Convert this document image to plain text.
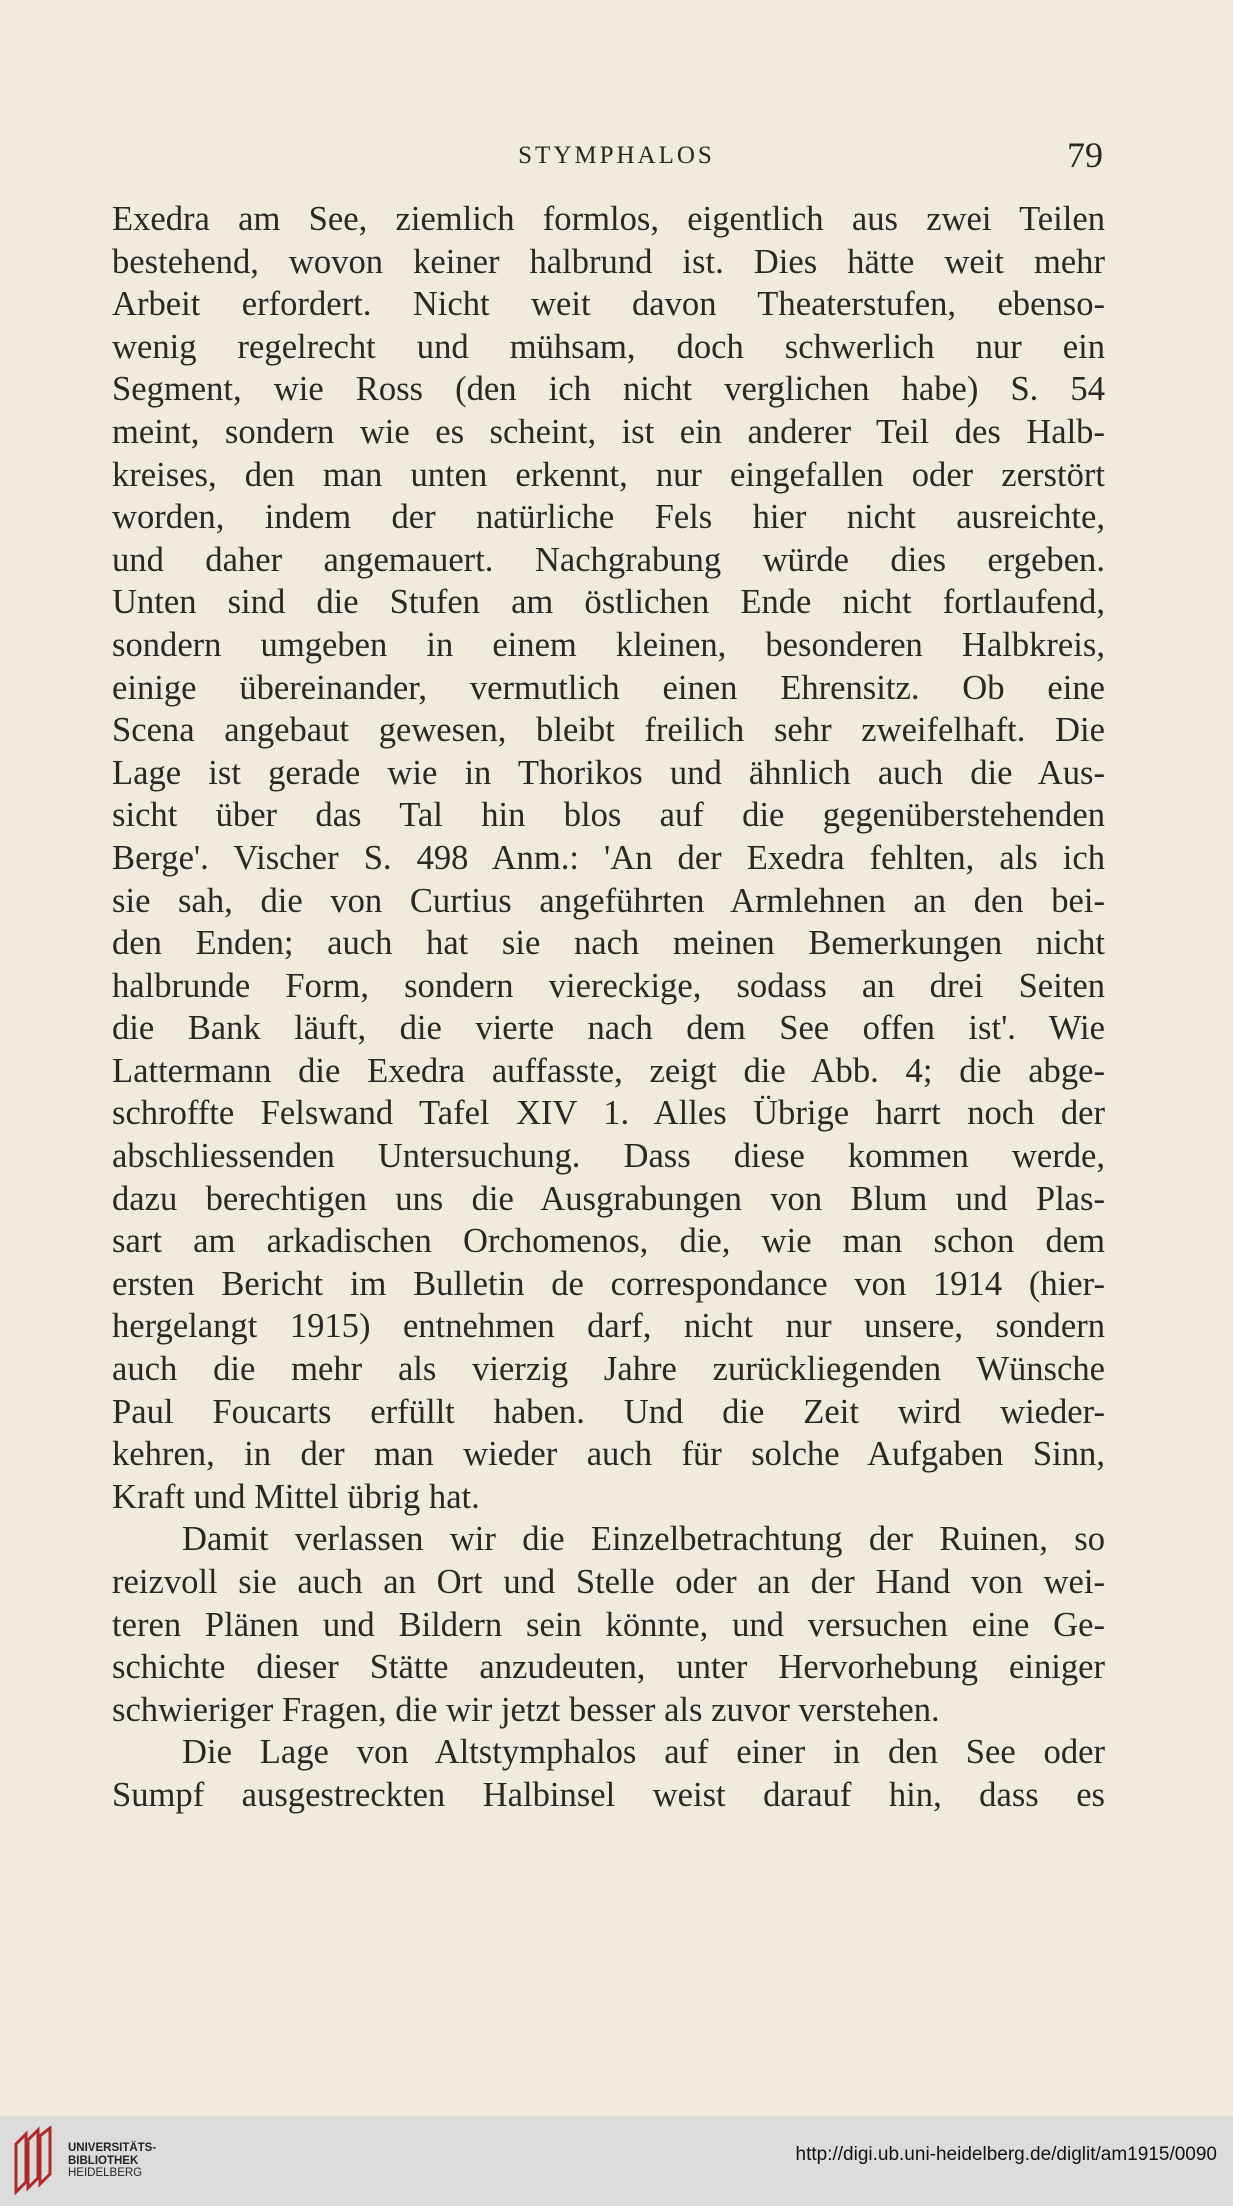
STYMPHALOS	79
Exedra am See, ziemlich formlos, eigentlich aus zwei Teilen
bestehend, wovon keiner halbrund ist. Dies hätte weit mehr
Arbeit erfordert. Nicht weit davon Theaterstufen, ebenso-
wenig regelrecht und mühsam, doch schwerlich nur ein
Segment, wie Ross (den ich nicht verglichen habe) S. 54
meint, sondern wie es scheint, ist ein anderer Teil des Halb-
kreises, den man unten erkennt, nur eingefallen oder zerstört
worden, indem der natürliche Fels hier nicht ausreichte,
und daher angemauert. Nachgrabung würde dies ergeben.
Unten sind die Stufen am östlichen Ende nicht fortlaufend,
sondern umgeben in einem kleinen, besonderen Halbkreis,
einige übereinander, vermutlich einen Ehrensitz. Ob eine
Scena angebaut gewesen, bleibt freilich sehr zweifelhaft. Die
Lage ist gerade wie in Thorikos und ähnlich auch die Aus-
sicht über das Tal hin blos auf die gegenüberstehenden
Berge'. Vischer S. 498 Anm.: 'An der Exedra fehlten, als ich
sie sah, die von Curtius angeführten Armlehnen an den bei-
den Enden; auch hat sie nach meinen Bemerkungen nicht
halbrunde Form, sondern viereckige, sodass an drei Seiten
die Bank läuft, die vierte nach dem See offen ist'. Wie
Lattermann die Exedra auffasste, zeigt die Abb. 4; die abge-
schroffte Felswand Tafel XIV 1. Alles Übrige harrt noch der
abschliessenden Untersuchung. Dass diese kommen werde,
dazu berechtigen uns die Ausgrabungen von Blum und Plas-
sart am arkadischen Orchomenos, die, wie man schon dem
ersten Bericht im Bulletin de correspondance von 1914 (hier-
hergelangt 1915) entnehmen darf, nicht nur unsere, sondern
auch die mehr als vierzig Jahre zurückliegenden Wünsche
Paul Foucarts erfüllt haben. Und die Zeit wird wieder-
kehren, in der man wieder auch für solche Aufgaben Sinn,
Kraft und Mittel übrig hat.
Damit verlassen wir die Einzelbetrachtung der Ruinen, so
reizvoll sie auch an Ort und Stelle oder an der Hand von wei-
teren Plänen und Bildern sein könnte, und versuchen eine Ge-
schichte dieser Stätte anzudeuten, unter Hervorhebung einiger
schwieriger Fragen, die wir jetzt besser als zuvor verstehen.
Die Lage von Altstymphalos auf einer in den See oder
Sumpf ausgestreckten Halbinsel weist darauf hin, dass es
UNIVERSITÄTS-
BIBLIOTHEK
HEIDELBERG
http://digi.ub.uni-heidelberg.de/diglit/am1915/0090
